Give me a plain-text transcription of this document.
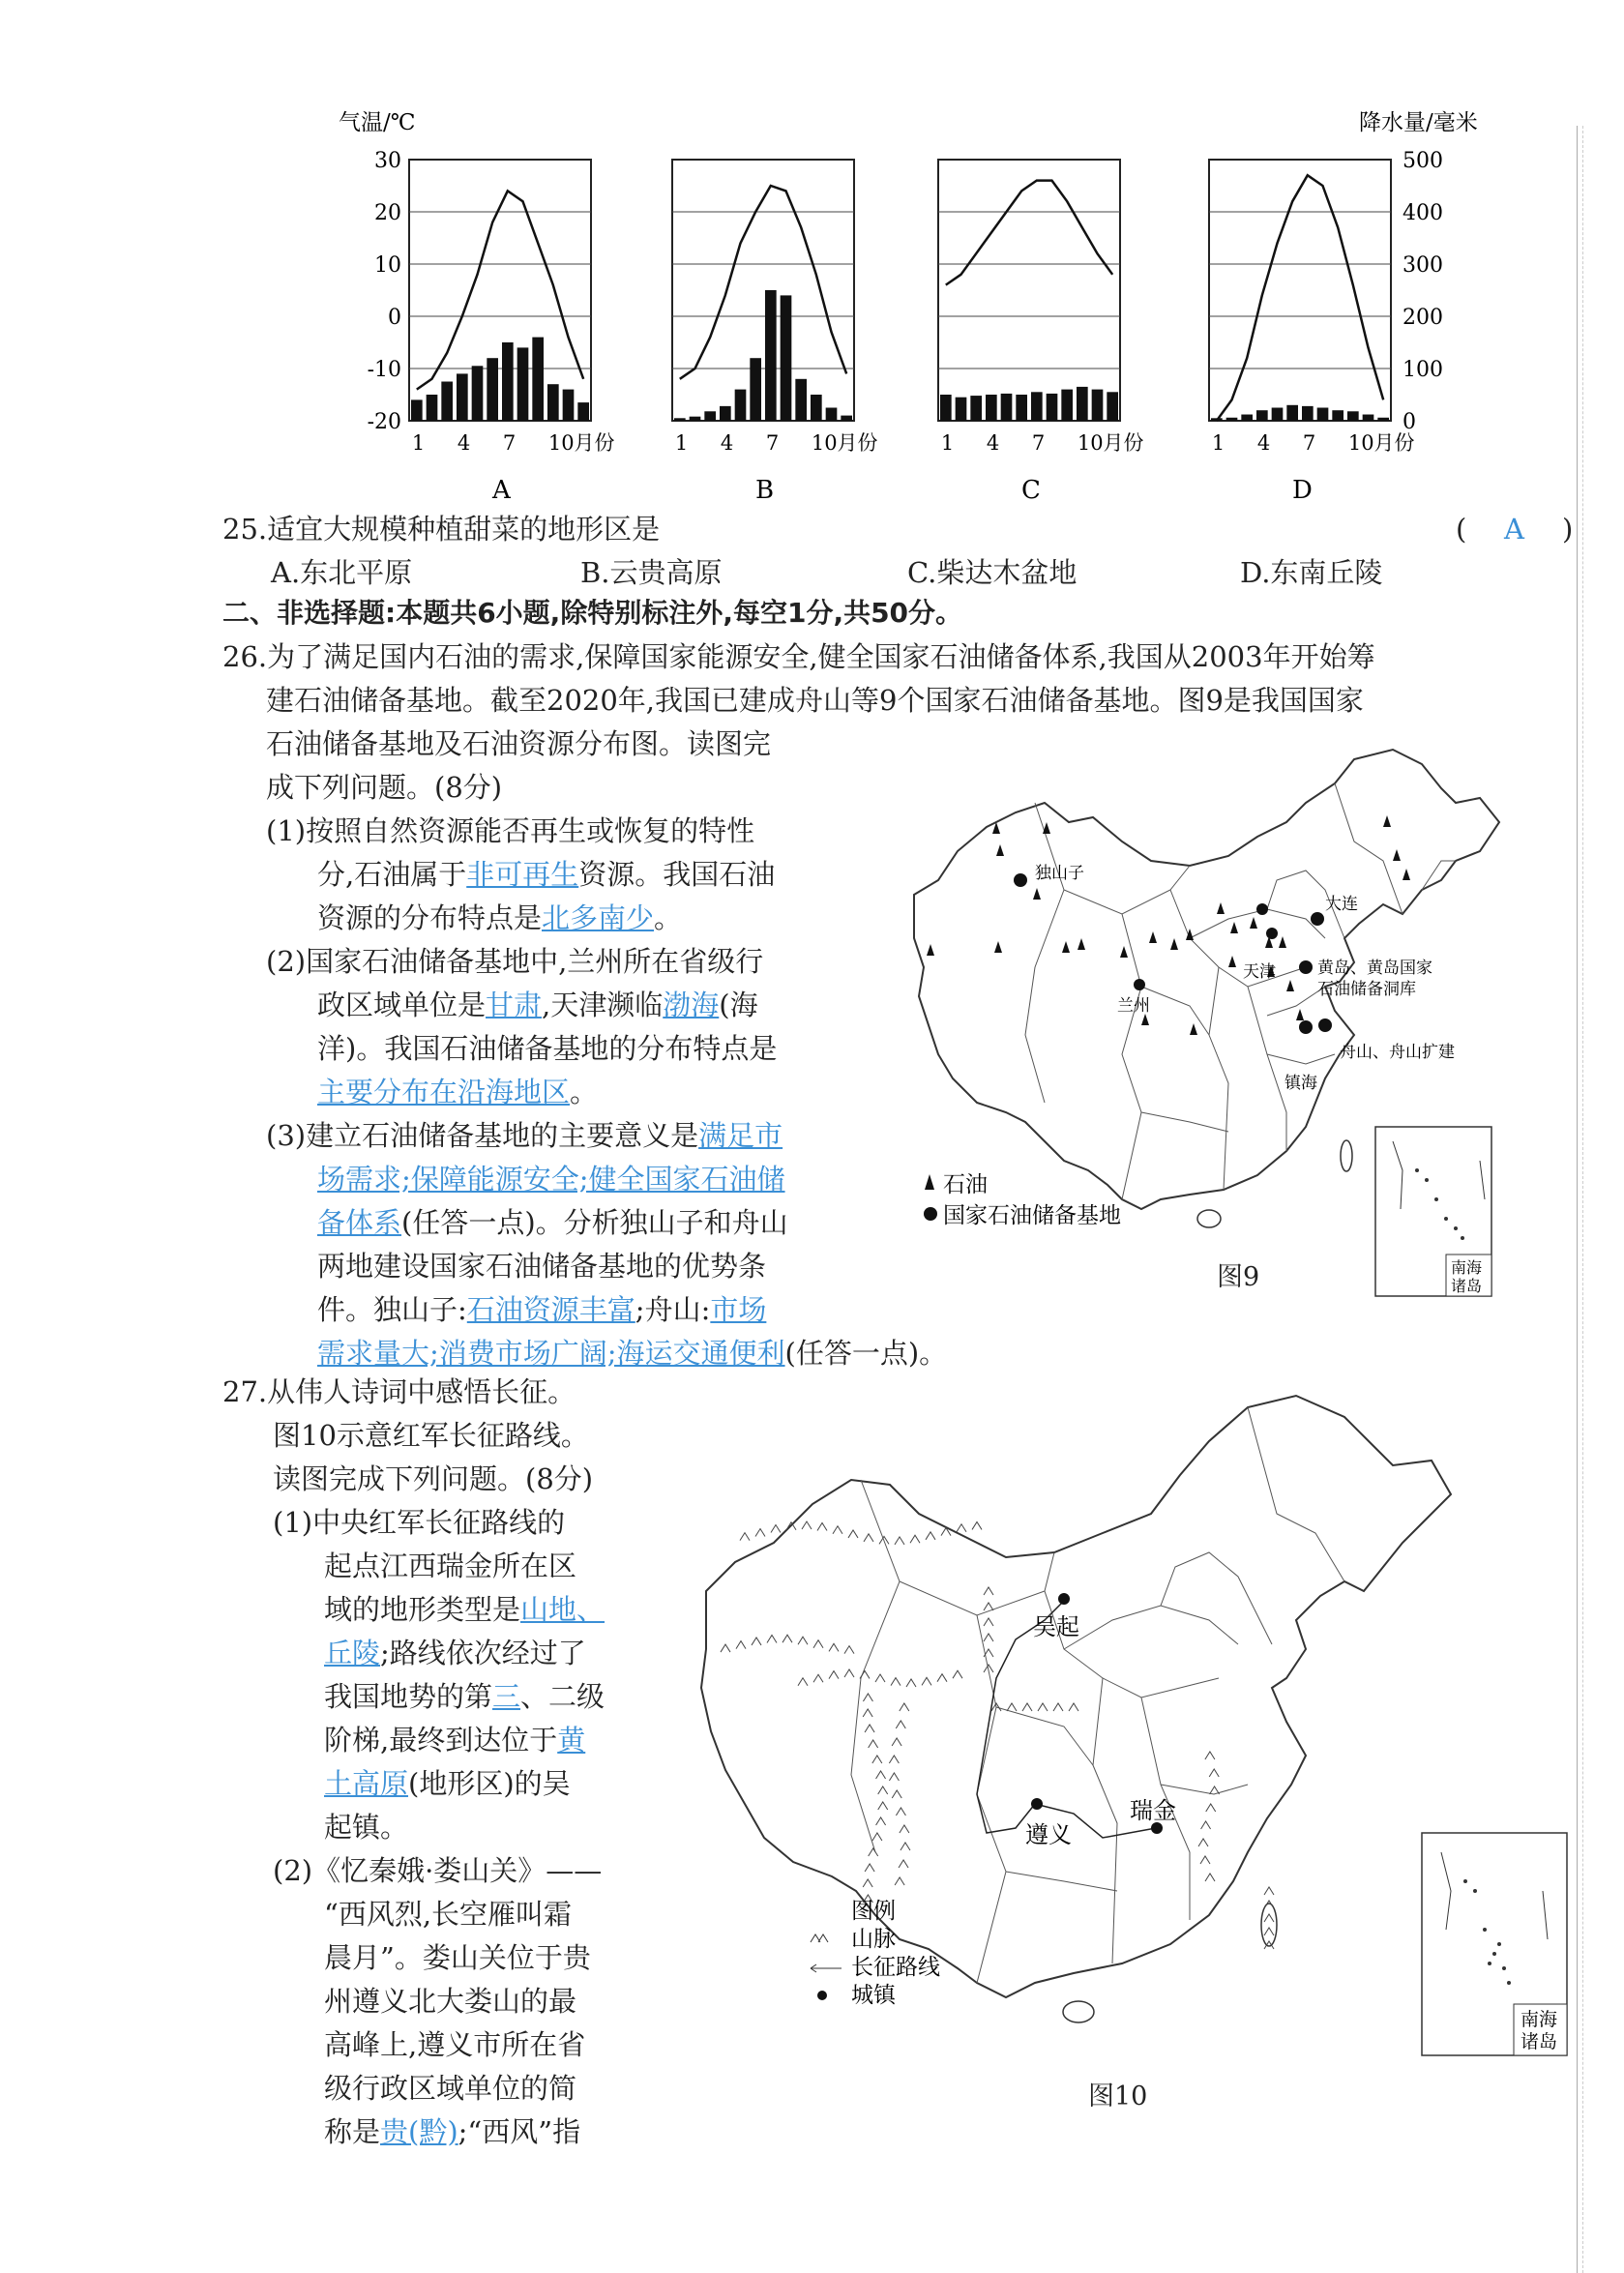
气温/℃	降水量/毫米
30
20
10
0
-10
-20
500
400
300
200
100
0
1 4 7 10月份
A
1 4 7 10月份
B
1 4 7 10月份
C
1 4 7 10月份
D
25.适宜大规模种植甜菜的地形区是	( A )
A.东北平原	B.云贵高原	C.柴达木盆地	D.东南丘陵
二、非选择题:本题共6小题,除特别标注外,每空1分,共50分。
26.为了满足国内石油的需求,保障国家能源安全,健全国家石油储备体系,我国从2003年开始筹
建石油储备基地。截至2020年,我国已建成舟山等9个国家石油储备基地。图9是我国国家
石油储备基地及石油资源分布图。读图完
成下列问题。(8分)
(1)按照自然资源能否再生或恢复的特性
分,石油属于非可再生资源。我国石油
资源的分布特点是北多南少。
(2)国家石油储备基地中,兰州所在省级行
政区域单位是甘肃,天津濒临渤海(海
洋)。我国石油储备基地的分布特点是
主要分布在沿海地区。
(3)建立石油储备基地的主要意义是满足市
场需求;保障能源安全;健全国家石油储
备体系(任答一点)。分析独山子和舟山
两地建设国家石油储备基地的优势条
件。独山子:石油资源丰富;舟山:市场
需求量大;消费市场广阔;海运交通便利(任答一点)。
南海
诸岛
独山子
大连
天津
兰州
黄岛、黄岛国家
石油储备洞库
舟山、舟山扩建
镇海
石油
国家石油储备基地
图9
27.从伟人诗词中感悟长征。
图10示意红军长征路线。
读图完成下列问题。(8分)
(1)中央红军长征路线的
起点江西瑞金所在区
域的地形类型是山地、
丘陵;路线依次经过了
我国地势的第三、二级
阶梯,最终到达位于黄
土高原(地形区)的吴
起镇。
(2)《忆秦娥·娄山关》——
“西风烈,长空雁叫霜
晨月”。娄山关位于贵
州遵义北大娄山的最
高峰上,遵义市所在省
级行政区域单位的简
称是贵(黔);“西风”指
吴起
遵义
瑞金
南海
诸岛
图例
山脉
长征路线
城镇
图10
